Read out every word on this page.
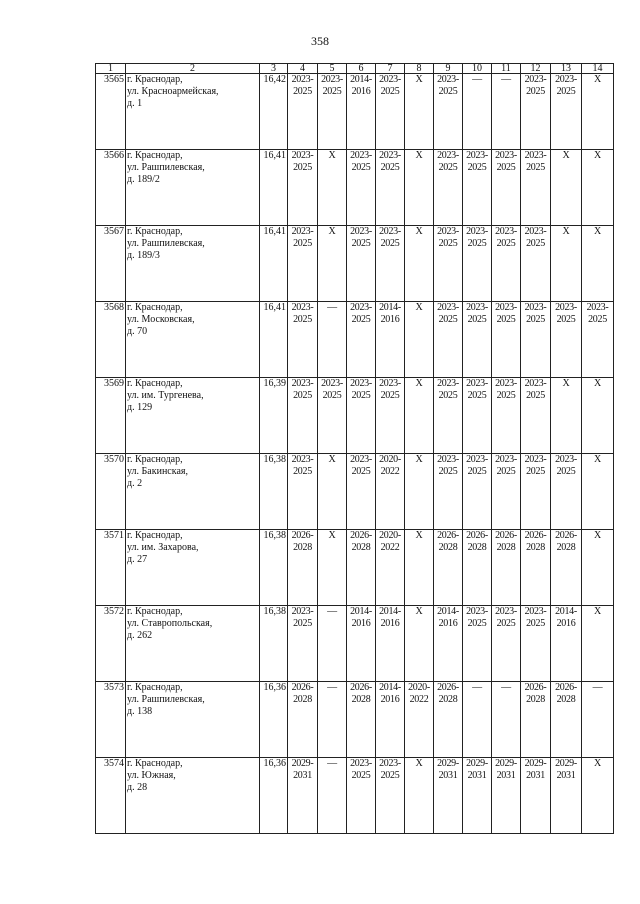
358
1	2	3	4	5	6	7	8	9	10	11	12	13	14
3565	г. Краснодар,
ул. Красноармейская,
д. 1	16,42	2023-
2025	2023-
2025	2014-
2016	2023-
2025	X	2023-
2025	—	—	2023-
2025	2023-
2025	X

3566	г. Краснодар,
ул. Рашпилевская,
д. 189/2	16,41	2023-
2025	X	2023-
2025	2023-
2025	X	2023-
2025	2023-
2025	2023-
2025	2023-
2025	X	X

3567	г. Краснодар,
ул. Рашпилевская,
д. 189/3	16,41	2023-
2025	X	2023-
2025	2023-
2025	X	2023-
2025	2023-
2025	2023-
2025	2023-
2025	X	X

3568	г. Краснодар,
ул. Московская,
д. 70	16,41	2023-
2025	—	2023-
2025	2014-
2016	X	2023-
2025	2023-
2025	2023-
2025	2023-
2025	2023-
2025	2023-
2025

3569	г. Краснодар,
ул. им. Тургенева,
д. 129	16,39	2023-
2025	2023-
2025	2023-
2025	2023-
2025	X	2023-
2025	2023-
2025	2023-
2025	2023-
2025	X	X

3570	г. Краснодар,
ул. Бакинская,
д. 2	16,38	2023-
2025	X	2023-
2025	2020-
2022	X	2023-
2025	2023-
2025	2023-
2025	2023-
2025	2023-
2025	X

3571	г. Краснодар,
ул. им. Захарова,
д. 27	16,38	2026-
2028	X	2026-
2028	2020-
2022	X	2026-
2028	2026-
2028	2026-
2028	2026-
2028	2026-
2028	X

3572	г. Краснодар,
ул. Ставропольская,
д. 262	16,38	2023-
2025	—	2014-
2016	2014-
2016	X	2014-
2016	2023-
2025	2023-
2025	2023-
2025	2014-
2016	X

3573	г. Краснодар,
ул. Рашпилевская,
д. 138	16,36	2026-
2028	—	2026-
2028	2014-
2016	2020-
2022	2026-
2028	—	—	2026-
2028	2026-
2028	—

3574	г. Краснодар,
ул. Южная,
д. 28	16,36	2029-
2031	—	2023-
2025	2023-
2025	X	2029-
2031	2029-
2031	2029-
2031	2029-
2031	2029-
2031	X
